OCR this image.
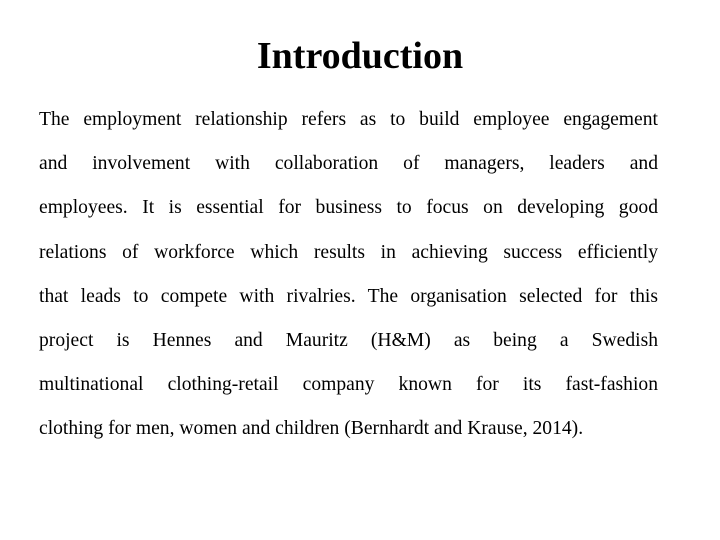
Introduction
The employment relationship refers as to build employee engagement
and involvement with collaboration of managers, leaders and
employees. It is essential for business to focus on developing good
relations of workforce which results in achieving success efficiently
that leads to compete with rivalries. The organisation selected for this
project is Hennes and Mauritz (H&M) as being a Swedish
multinational clothing-retail company known for its fast-fashion
clothing for men, women and children (Bernhardt and Krause, 2014).
